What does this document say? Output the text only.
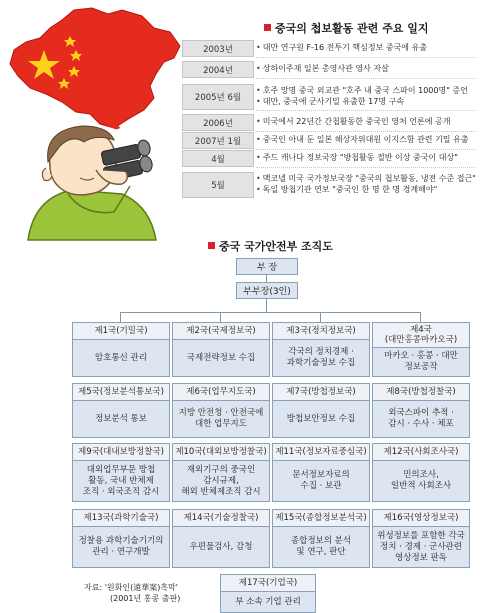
중국의 첩보활동 관련 주요 일지
2003년	• 대만 연구원 F-16 전투기 핵심정보 중국에 유출
2004년	• 상하이주재 일본 총영사관 영사 자살
2005년 6월
• 호주 망명 중국 외교관 "호주 내 중국 스파이 1000명" 증언
• 대만, 중국에 군사기밀 유출한 17명 구속
2006년	• 미국에서 22년간 간첩활동한 중국인 영처 언론에 공개
2007년 1월	• 중국인 아내 둔 일본 해상자위대원 이지스함 관련 기밀 유출
4월	• 주드 캐나다 정보국장 "방첩활동 절반 이상 중국이 대상"
5월
• 맥코넬 미국 국가정보국장 "중국의 첩보활동, 냉전 수준 접근"
• 독일 방첩기관 연보 "중국인 한 명 한 명 경계해야"
중국 국가안전부 조직도
부 장
부부장(3인)
제1국(기밀국)
암호통신 관리
제2국(국제정보국)
국제전략정보 수집
제3국(정치정보국)
각국의 정치경제 ·
과학기술정보 수집
제4국
(대만홍콩마카오국)
마카오 · 홍콩 · 대만
정보공작
제5국(정보분석통보국)
정보분석 통보
제6국(업무지도국)
지방 안전청 · 안전국에
대한 업무지도
제7국(방첩정보국)
방첩보안정보 수집
제8국(방첩정찰국)
외국스파이 추적 ·
감시 · 수사 · 체포
제9국(대내보방정찰국)
대외업무부문 방첩
활동, 국내 반체제
조직 · 외국조직 감시
제10국(대외보방정찰국)
재외기구의 중국인
감시규제,
해외 반체제조직 감시
제11국(정보자료중심국)
문서정보자료의
수집 · 보관
제12국(사회조사국)
민의조사,
일반적 사회조사
제13국(과학기술국)
정찰용 과학기술기기의
관리 · 연구개발
제14국(기술정찰국)
우편물검사, 감청
제15국(종합정보분석국)
종합정보의 분석
및 연구, 판단
제16국(영상정보국)
위성정보를 포함한 각국
정치 · 경제 · 군사관련
영상정보 판독
제17국(기업국)
부 소속 기업 관리
자료: '원화인(遠華案)흑막'
(2001년 홍콩 출판)
